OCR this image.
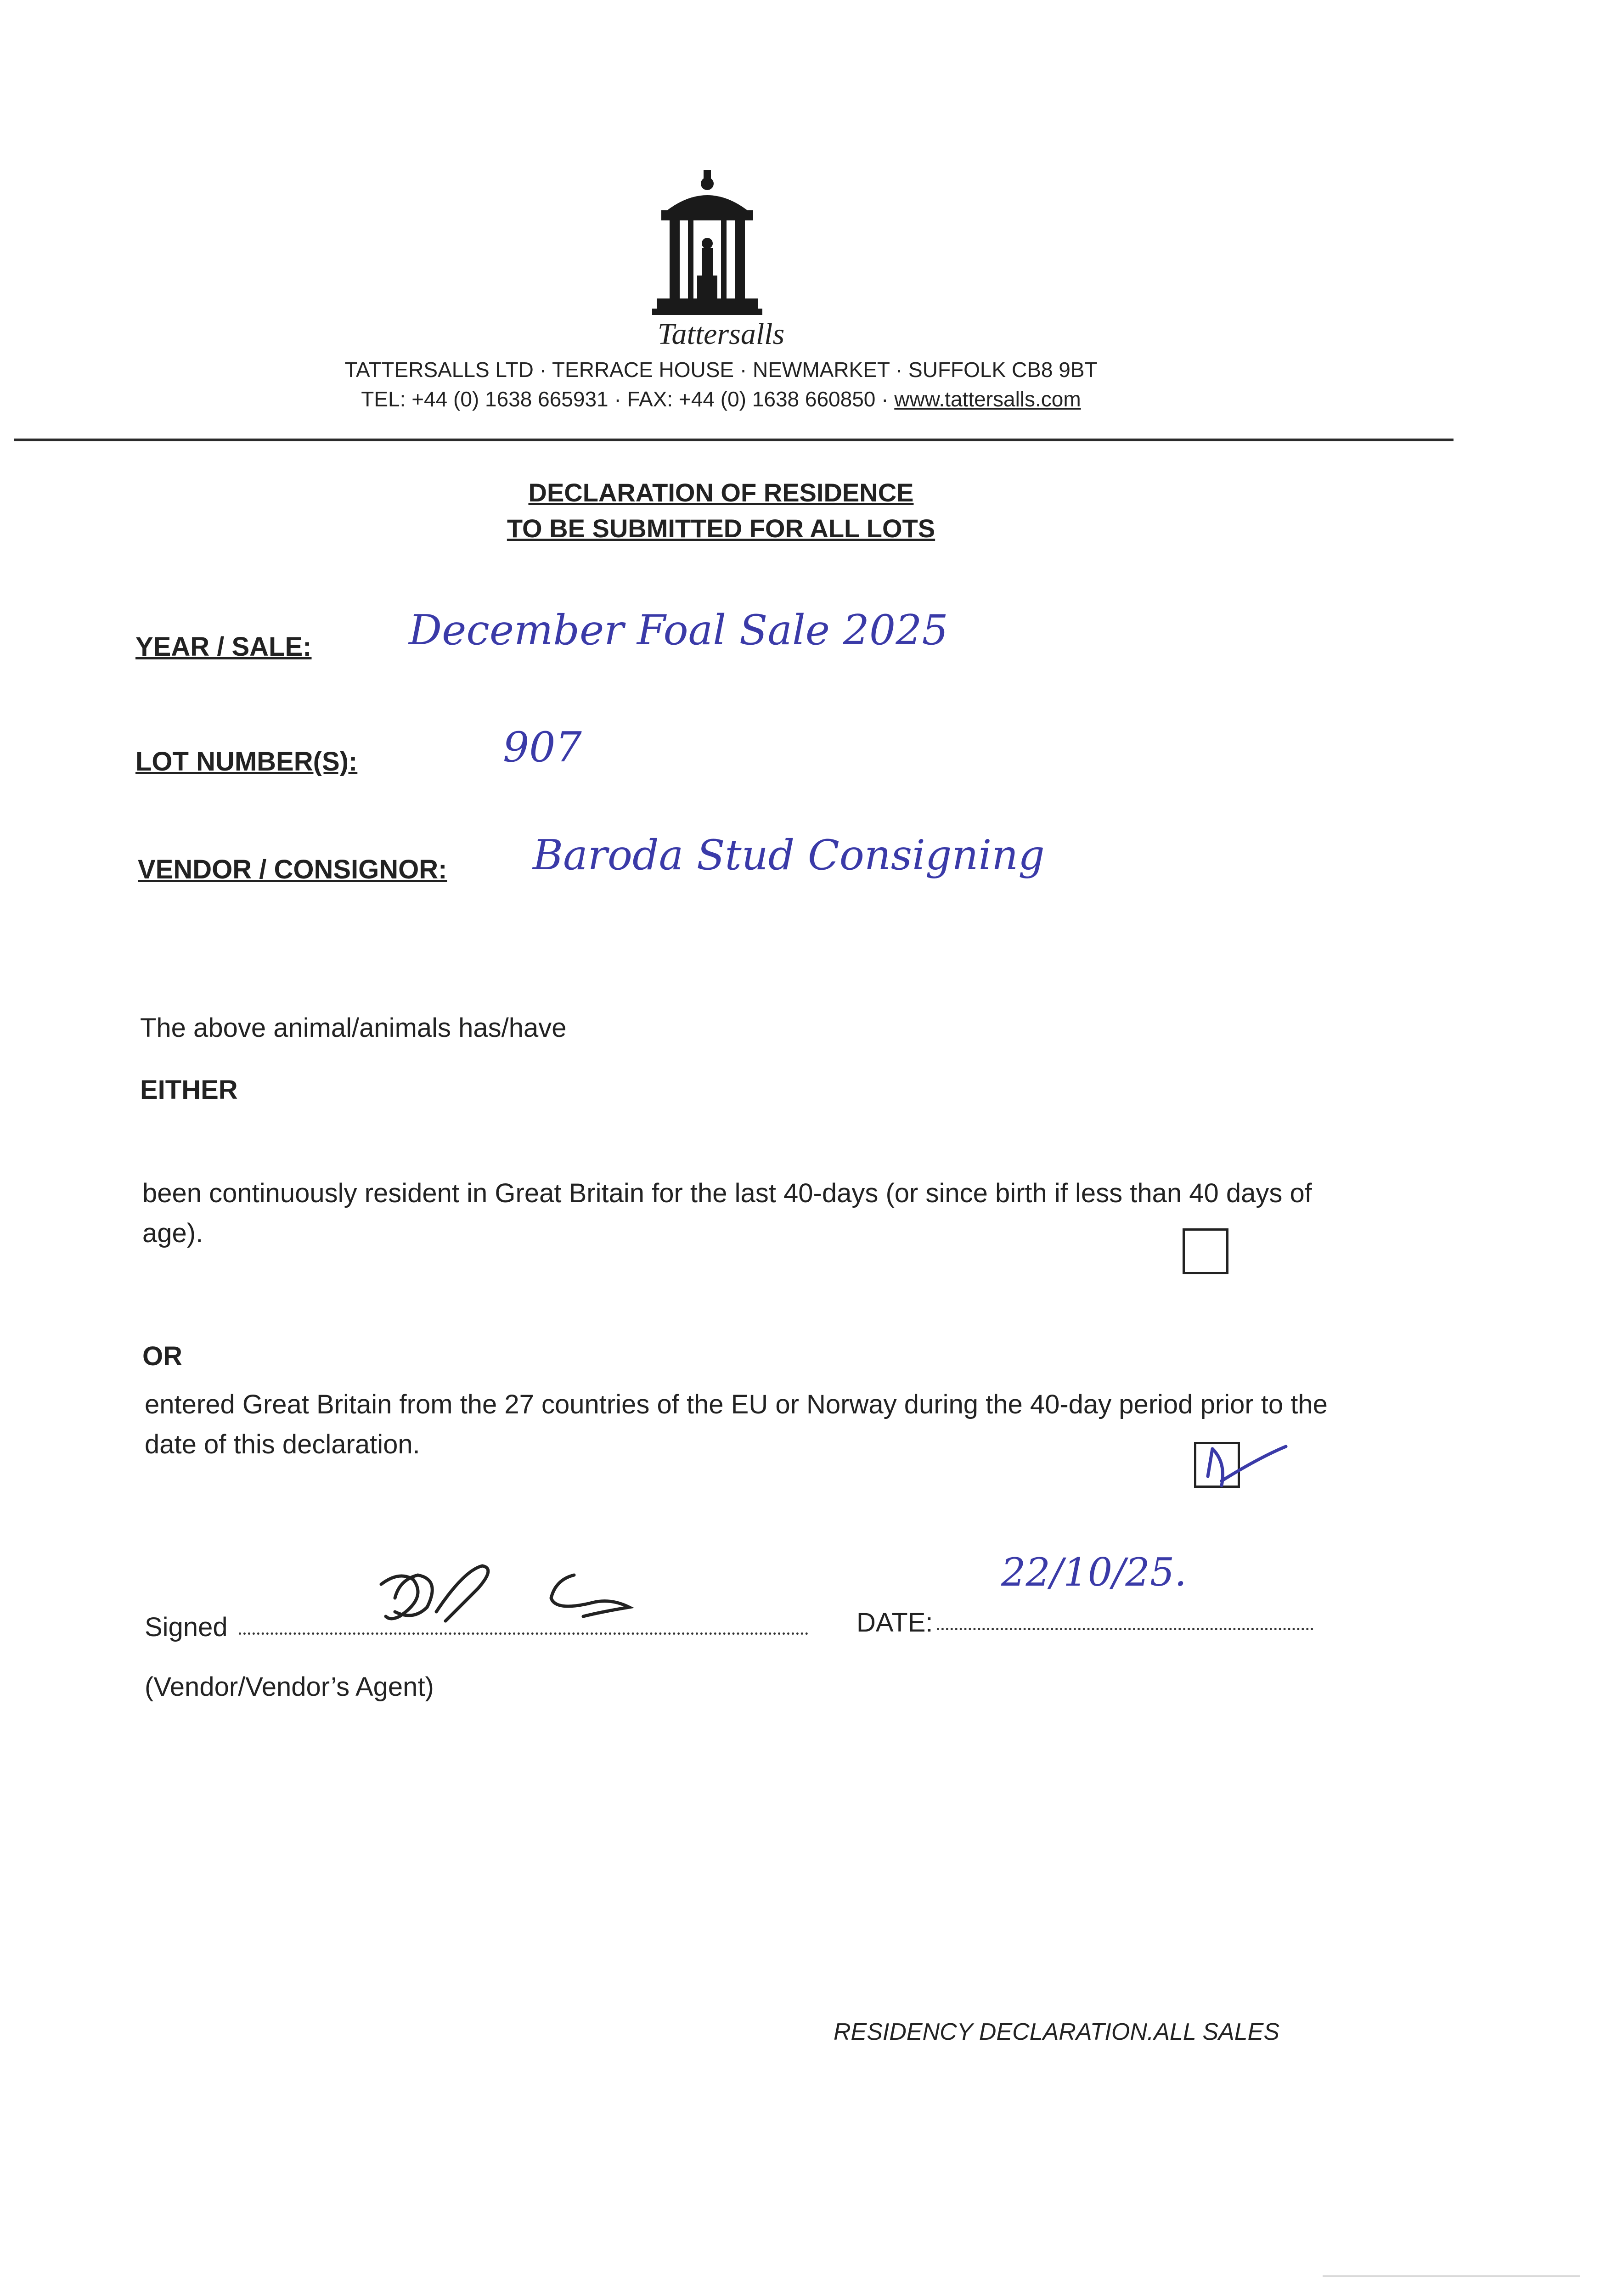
Tattersalls
TATTERSALLS LTD · TERRACE HOUSE · NEWMARKET · SUFFOLK CB8 9BT
TEL: +44 (0) 1638 665931 · FAX: +44 (0) 1638 660850 · www.tattersalls.com
DECLARATION OF RESIDENCE
TO BE SUBMITTED FOR ALL LOTS
YEAR / SALE: December Foal Sale 2025
LOT NUMBER(S):	907
VENDOR / CONSIGNOR: Baroda Stud Consigning
The above animal/animals has/have
EITHER
been continuously resident in Great Britain for the last 40-days (or since birth if less than 40 days of age).
OR
entered Great Britain from the 27 countries of the EU or Norway during the 40-day period prior to the date of this declaration.
Signed	DATE:
22/10/25.
(Vendor/Vendor’s Agent)
RESIDENCY DECLARATION.ALL SALES
